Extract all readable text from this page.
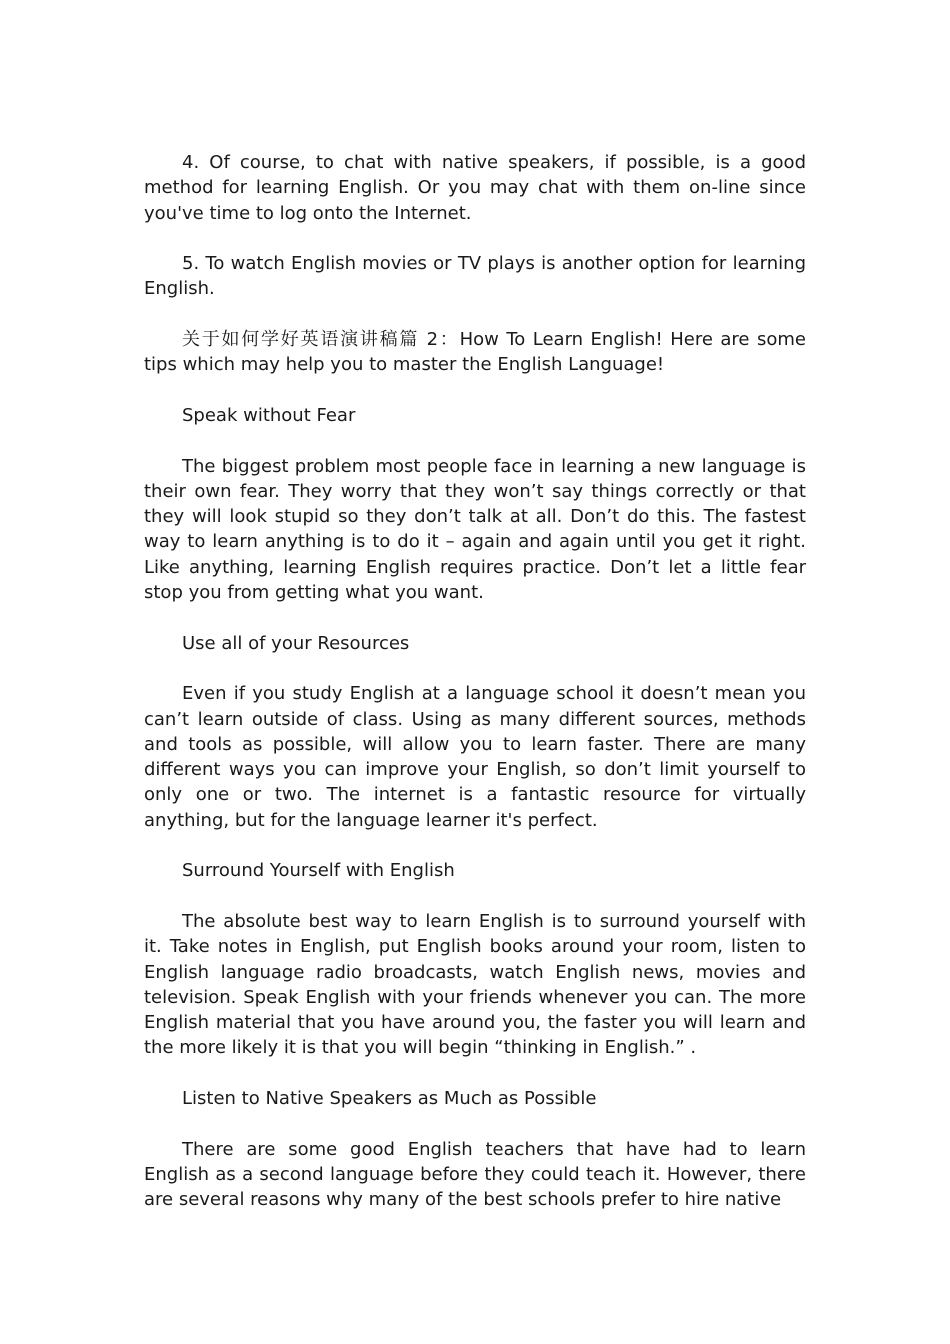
4. Of course, to chat with native speakers, if possible, is a good method for learning English. Or you may chat with them on-line since you've time to log onto the Internet.

5. To watch English movies or TV plays is another option for learning English.

关于如何学好英语演讲稿篇 2：How To Learn English! Here are some tips which may help you to master the English Language!

Speak without Fear

The biggest problem most people face in learning a new language is their own fear. They worry that they won’t say things correctly or that they will look stupid so they don’t talk at all. Don’t do this. The fastest way to learn anything is to do it – again and again until you get it right. Like anything, learning English requires practice. Don’t let a little fear stop you from getting what you want.

Use all of your Resources

Even if you study English at a language school it doesn’t mean you can’t learn outside of class. Using as many different sources, methods and tools as possible, will allow you to learn faster. There are many different ways you can improve your English, so don’t limit yourself to only one or two. The internet is a fantastic resource for virtually anything, but for the language learner it's perfect.

Surround Yourself with English

The absolute best way to learn English is to surround yourself with it. Take notes in English, put English books around your room, listen to English language radio broadcasts, watch English news, movies and television. Speak English with your friends whenever you can. The more English material that you have around you, the faster you will learn and the more likely it is that you will begin “thinking in English.” .

Listen to Native Speakers as Much as Possible

There are some good English teachers that have had to learn English as a second language before they could teach it. However, there are several reasons why many of the best schools prefer to hire native
